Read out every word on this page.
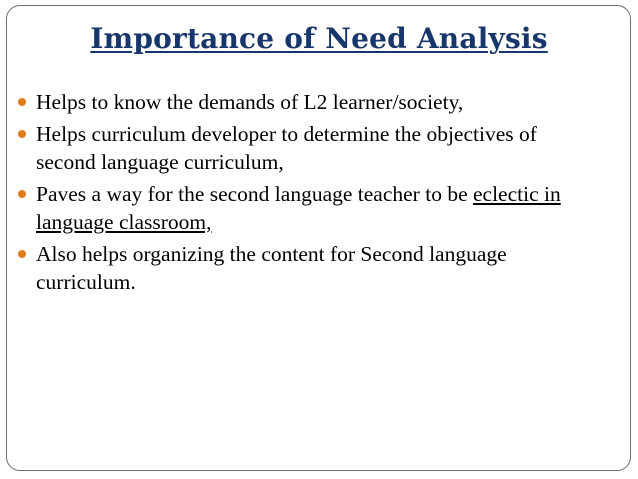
Importance of Need Analysis
Helps to know the demands of L2 learner/society,
Helps curriculum developer to determine the objectives of second language curriculum,
Paves a way for the second language teacher to be eclectic in language classroom,
Also helps organizing the content for Second language curriculum.
